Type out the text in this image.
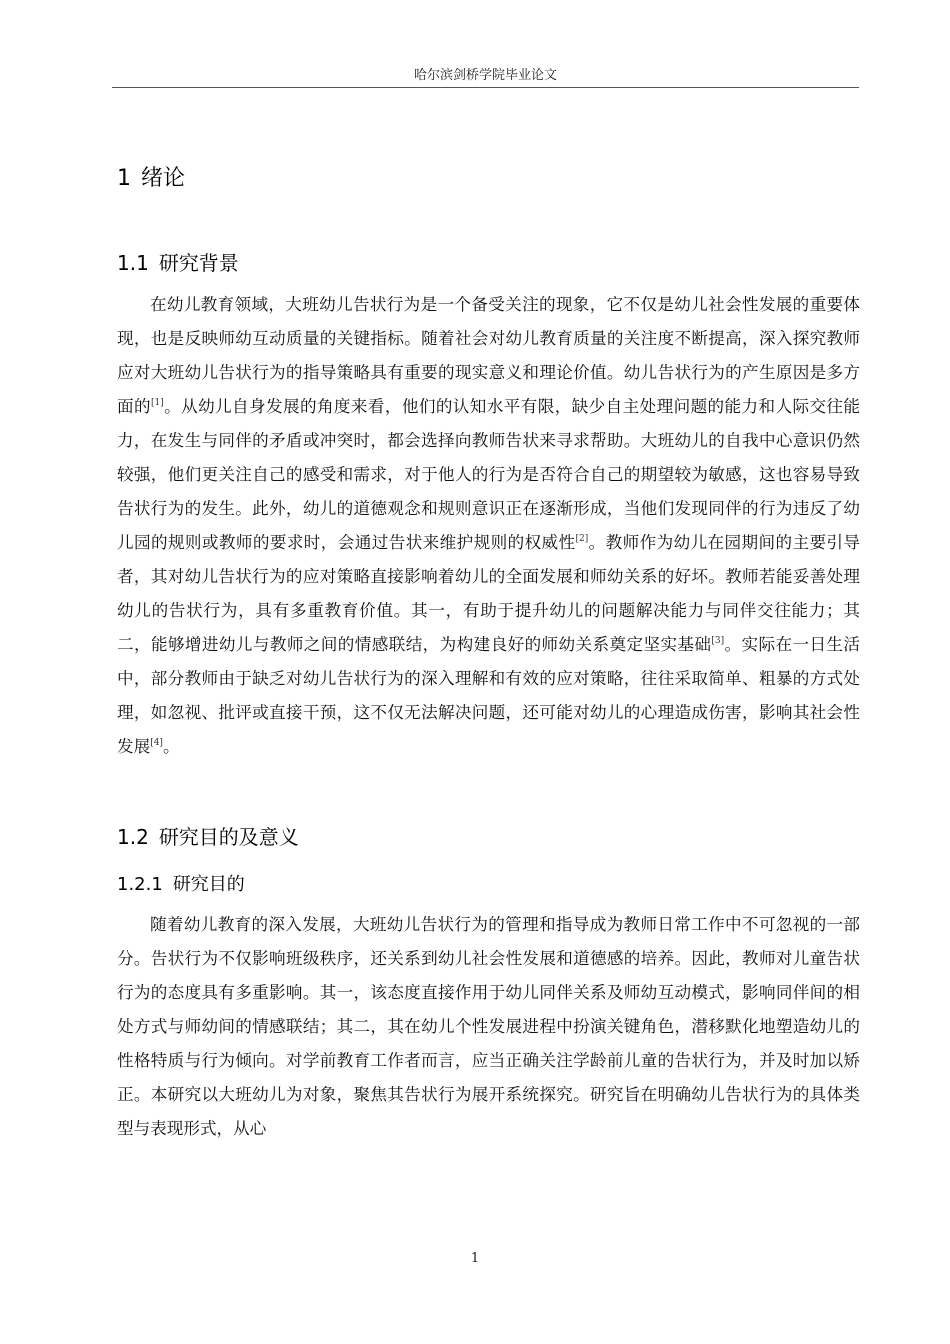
哈尔滨剑桥学院毕业论文
1 绪论
1.1 研究背景

在幼儿教育领域，大班幼儿告状行为是一个备受关注的现象，它不仅是幼儿社会性发展的重要体现，也是反映师幼互动质量的关键指标。随着社会对幼儿教育质量的关注度不断提高，深入探究教师应对大班幼儿告状行为的指导策略具有重要的现实意义和理论价值。幼儿告状行为的产生原因是多方面的[1]。从幼儿自身发展的角度来看，他们的认知水平有限，缺少自主处理问题的能力和人际交往能力，在发生与同伴的矛盾或冲突时，都会选择向教师告状来寻求帮助。大班幼儿的自我中心意识仍然较强，他们更关注自己的感受和需求，对于他人的行为是否符合自己的期望较为敏感，这也容易导致告状行为的发生。此外，幼儿的道德观念和规则意识正在逐渐形成，当他们发现同伴的行为违反了幼儿园的规则或教师的要求时，会通过告状来维护规则的权威性[2]。教师作为幼儿在园期间的主要引导者，其对幼儿告状行为的应对策略直接影响着幼儿的全面发展和师幼关系的好坏。教师若能妥善处理幼儿的告状行为，具有多重教育价值。其一，有助于提升幼儿的问题解决能力与同伴交往能力；其二，能够增进幼儿与教师之间的情感联结，为构建良好的师幼关系奠定坚实基础[3]。实际在一日生活中，部分教师由于缺乏对幼儿告状行为的深入理解和有效的应对策略，往往采取简单、粗暴的方式处理，如忽视、批评或直接干预，这不仅无法解决问题，还可能对幼儿的心理造成伤害，影响其社会性发展[4]。

1.2 研究目的及意义
1.2.1 研究目的

随着幼儿教育的深入发展，大班幼儿告状行为的管理和指导成为教师日常工作中不可忽视的一部分。告状行为不仅影响班级秩序，还关系到幼儿社会性发展和道德感的培养。因此，教师对儿童告状行为的态度具有多重影响。其一，该态度直接作用于幼儿同伴关系及师幼互动模式，影响同伴间的相处方式与师幼间的情感联结；其二，其在幼儿个性发展进程中扮演关键角色，潜移默化地塑造幼儿的性格特质与行为倾向。对学前教育工作者而言，应当正确关注学龄前儿童的告状行为，并及时加以矫正。本研究以大班幼儿为对象，聚焦其告状行为展开系统探究。研究旨在明确幼儿告状行为的具体类型与表现形式，从心

1
